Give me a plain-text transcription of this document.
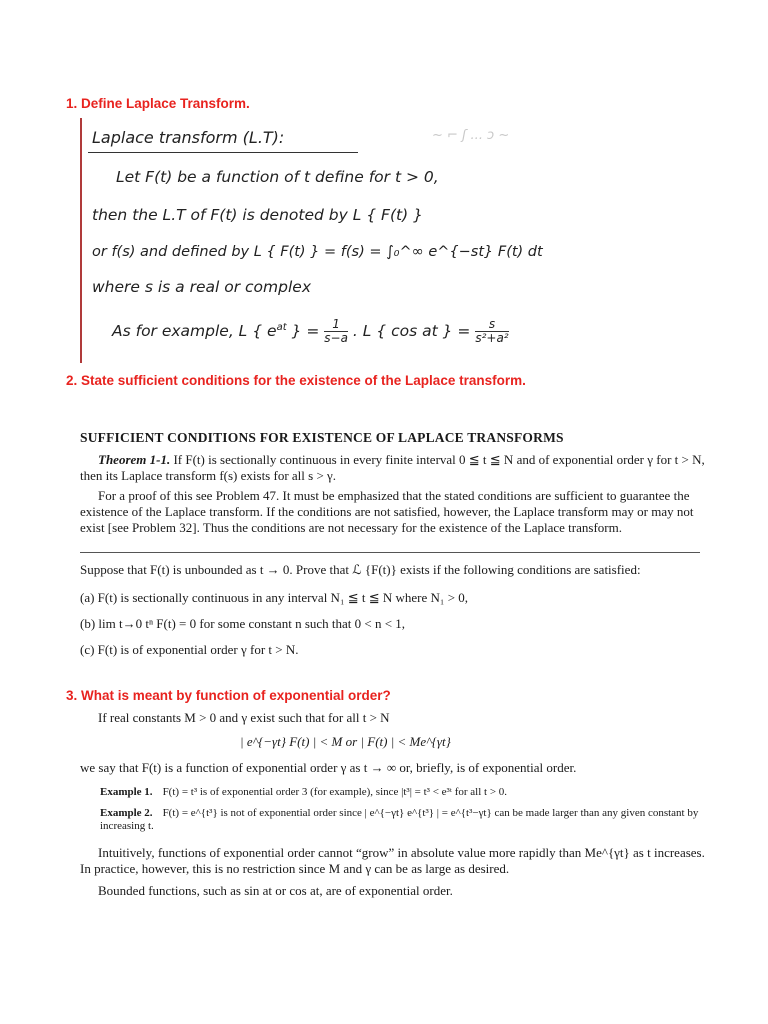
1. Define Laplace Transform.
~ ⌐ ʃ ... ɔ ~
Laplace transform (L.T):
Let F(t) be a function of t define for t > 0,
then the L.T of F(t) is denoted by L { F(t) }
or f(s) and defined by L { F(t) } = f(s) = ∫₀^∞ e^{−st} F(t) dt
where s is a real or complex
As for example, L { $e^{at}$ } = $\frac{1}{s-a}$ . L { cos at } = $\frac{s}{\text{s²+a²}}$
2. State sufficient conditions for the existence of the Laplace transform.

SUFFICIENT CONDITIONS FOR EXISTENCE OF LAPLACE TRANSFORMS

Theorem 1-1. If F(t) is sectionally continuous in every finite interval 0 ≦ t ≦ N and of exponential order γ for t > N, then its Laplace transform f(s) exists for all s > γ.

For a proof of this see Problem 47. It must be emphasized that the stated conditions are sufficient to guarantee the existence of the Laplace transform. If the conditions are not satisfied, however, the Laplace transform may or may not exist [see Problem 32]. Thus the conditions are not necessary for the existence of the Laplace transform.

Suppose that F(t) is unbounded as t → 0. Prove that ℒ {F(t)} exists if the following conditions are satisfied:

(a) F(t) is sectionally continuous in any interval N₁ ≦ t ≦ N where N₁ > 0,

(b) lim t→0 tⁿ F(t) = 0 for some constant n such that 0 < n < 1,

(c) F(t) is of exponential order γ for t > N.

3. What is meant by function of exponential order?

If real constants M > 0 and γ exist such that for all t > N

| e^{−γt} F(t) | < M or | F(t) | < Me^{γt}

we say that F(t) is a function of exponential order γ as t → ∞ or, briefly, is of exponential order.

Example 1. F(t) = t³ is of exponential order 3 (for example), since |t³| = t³ < e³ᵗ for all t > 0.

Example 2. F(t) = e^{t³} is not of exponential order since | e^{−γt} e^{t³} | = e^{t³−γt} can be made larger than any given constant by increasing t.

Intuitively, functions of exponential order cannot “grow” in absolute value more rapidly than Me^{γt} as t increases. In practice, however, this is no restriction since M and γ can be as large as desired.

Bounded functions, such as sin at or cos at, are of exponential order.
